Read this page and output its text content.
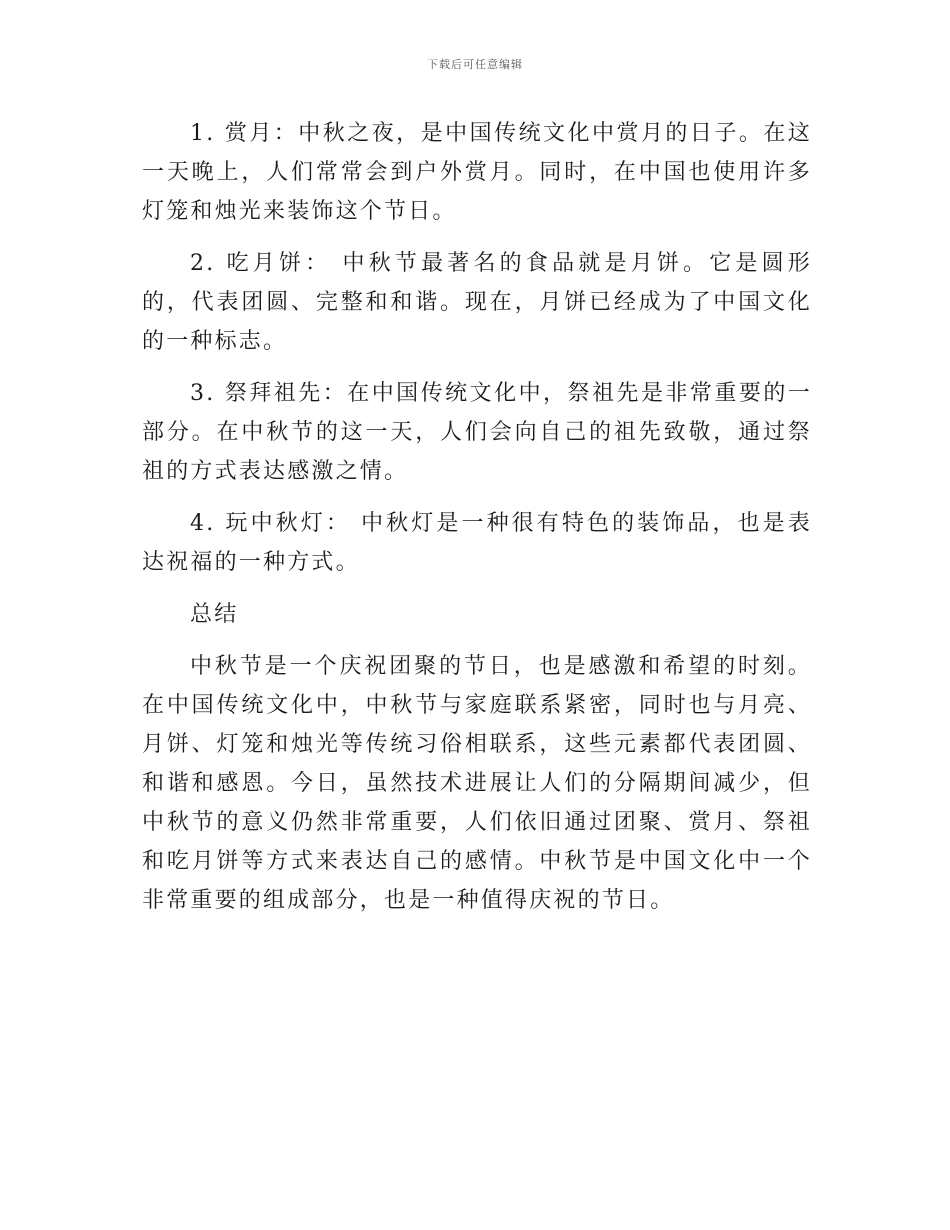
下载后可任意编辑

1. 赏月：中秋之夜，是中国传统文化中赏月的日子。在这一天晚上，人们常常会到户外赏月。同时，在中国也使用许多灯笼和烛光来装饰这个节日。

2. 吃月饼： 中秋节最著名的食品就是月饼。它是圆形的，代表团圆、完整和和谐。现在，月饼已经成为了中国文化的一种标志。

3. 祭拜祖先：在中国传统文化中，祭祖先是非常重要的一部分。在中秋节的这一天，人们会向自己的祖先致敬，通过祭祖的方式表达感激之情。

4. 玩中秋灯： 中秋灯是一种很有特色的装饰品，也是表达祝福的一种方式。

总结

中秋节是一个庆祝团聚的节日，也是感激和希望的时刻。在中国传统文化中，中秋节与家庭联系紧密，同时也与月亮、月饼、灯笼和烛光等传统习俗相联系，这些元素都代表团圆、和谐和感恩。今日，虽然技术进展让人们的分隔期间减少，但中秋节的意义仍然非常重要，人们依旧通过团聚、赏月、祭祖和吃月饼等方式来表达自己的感情。中秋节是中国文化中一个非常重要的组成部分，也是一种值得庆祝的节日。
